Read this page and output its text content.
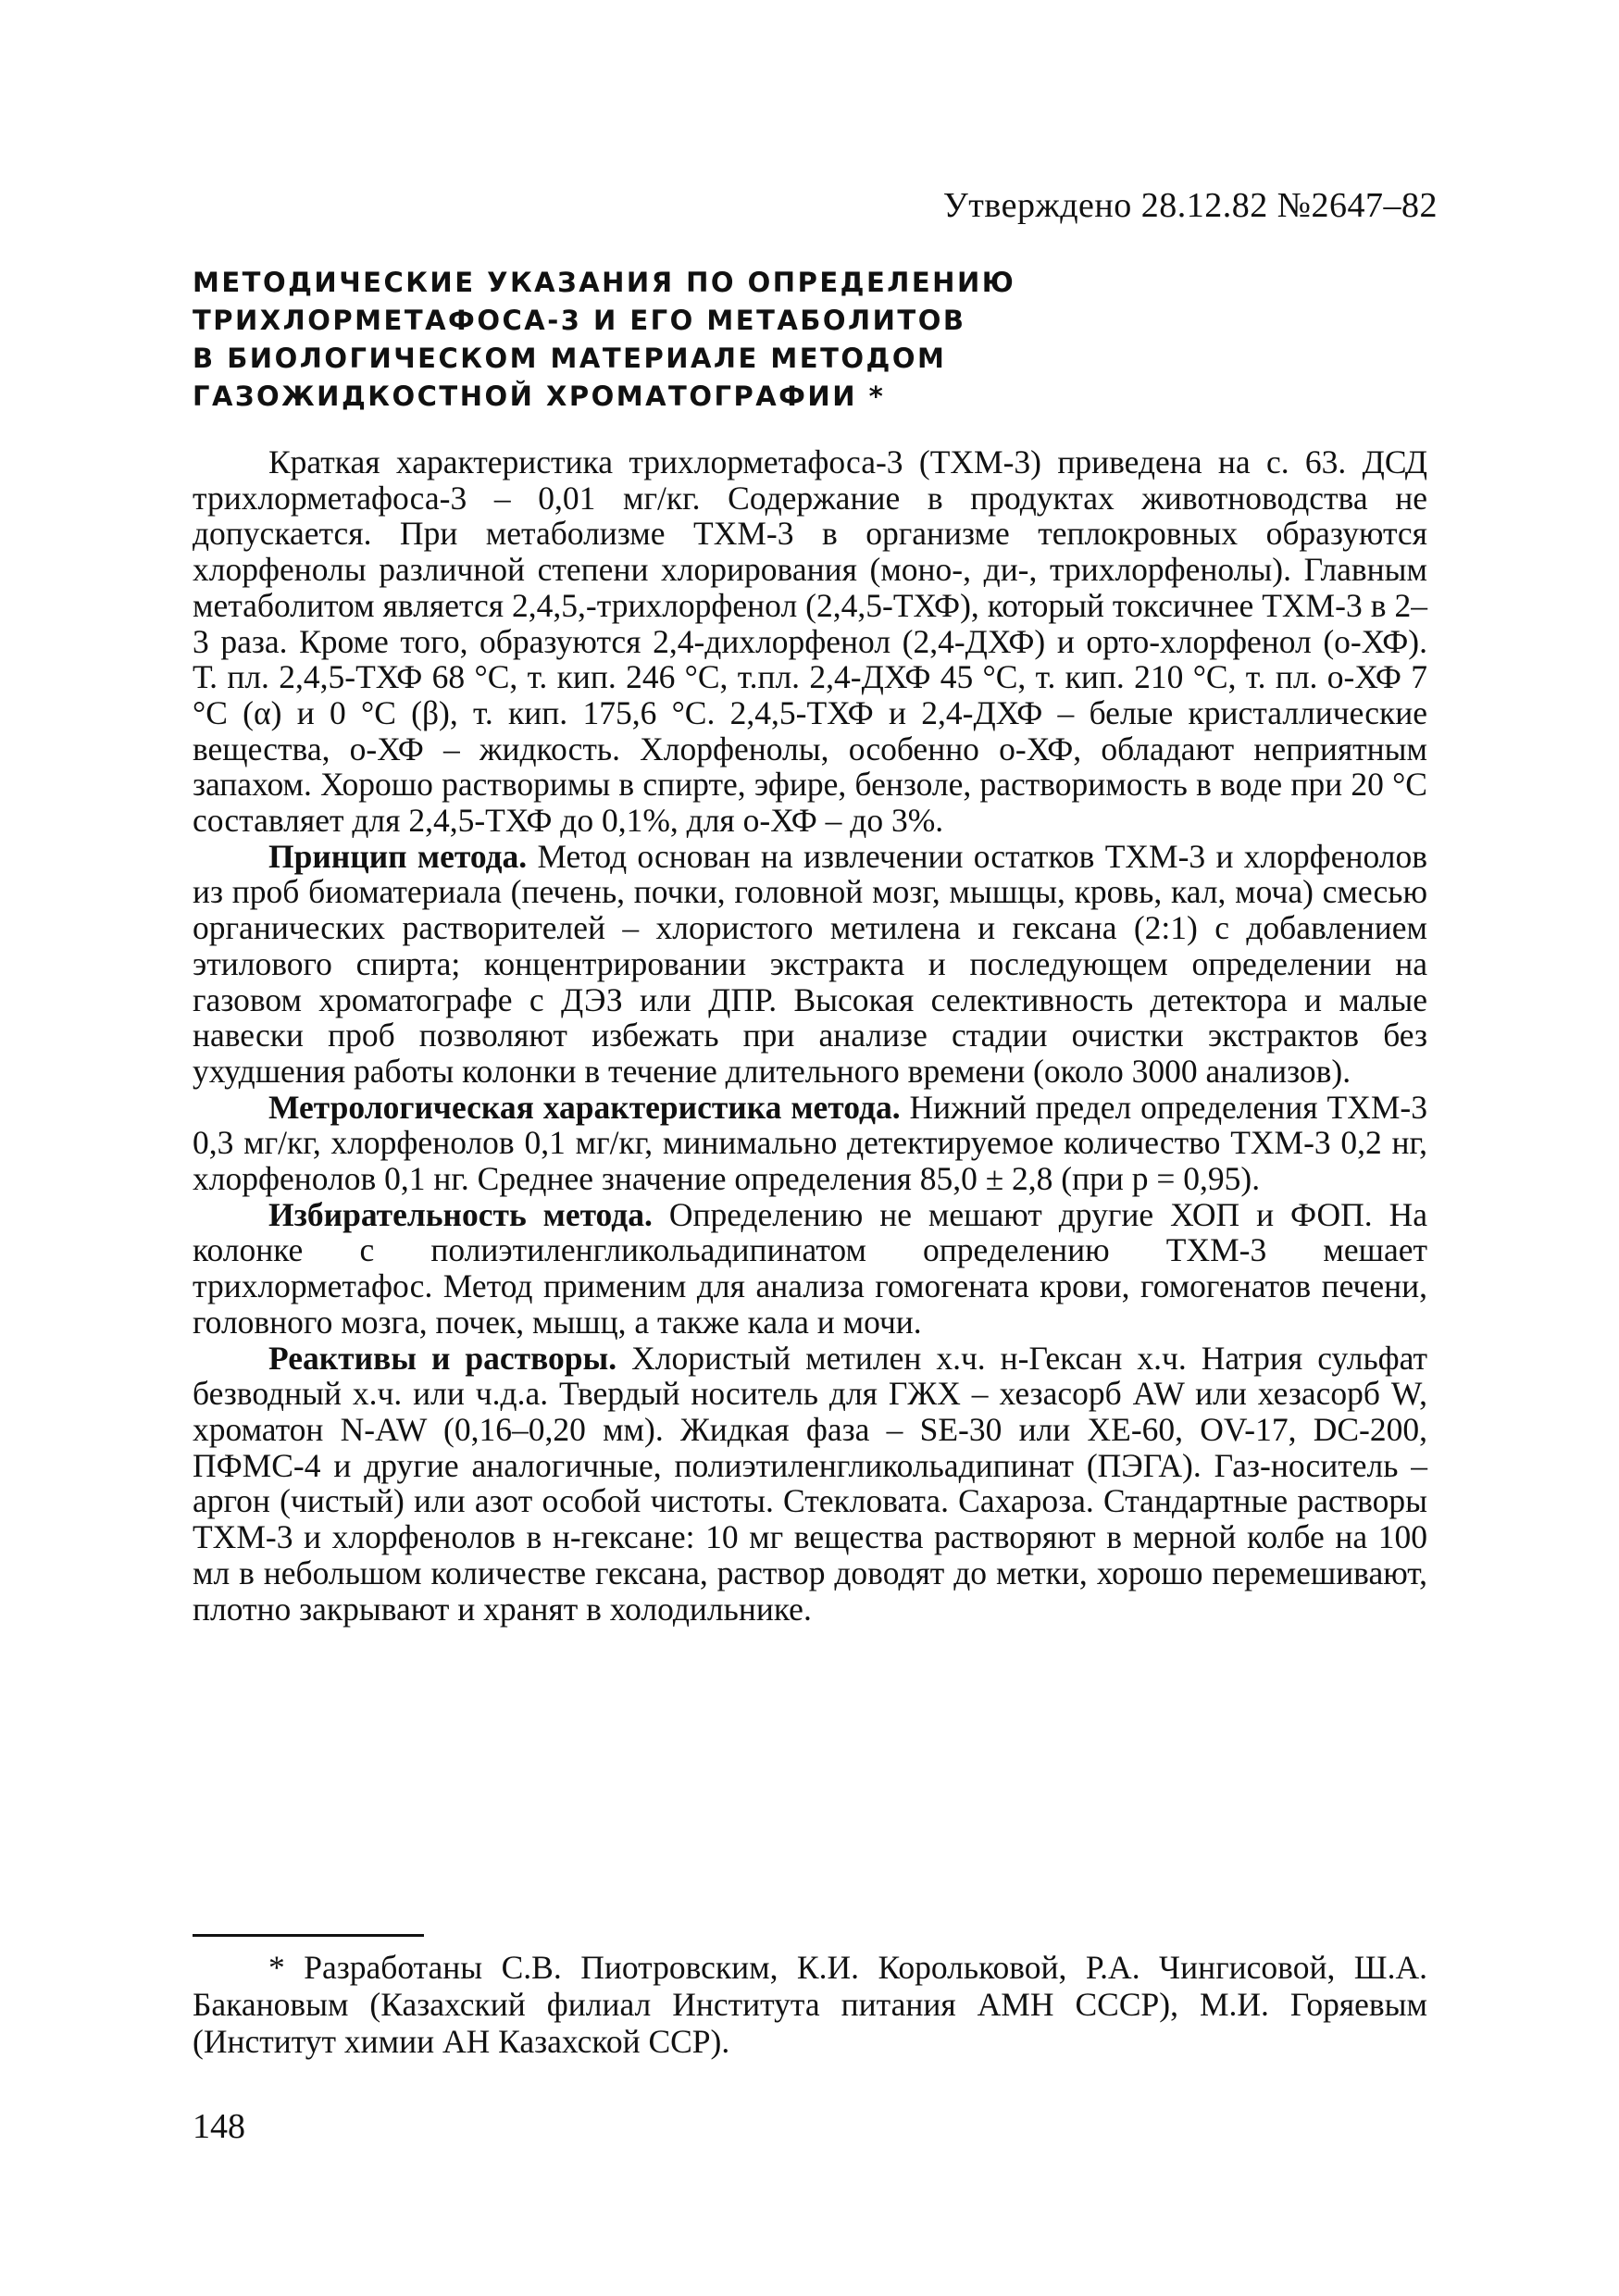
Утверждено 28.12.82 №2647–82
МЕТОДИЧЕСКИЕ УКАЗАНИЯ ПО ОПРЕДЕЛЕНИЮ
ТРИХЛОРМЕТАФОСА-3 И ЕГО МЕТАБОЛИТОВ
В БИОЛОГИЧЕСКОМ МАТЕРИАЛЕ МЕТОДОМ
ГАЗОЖИДКОСТНОЙ ХРОМАТОГРАФИИ *

Краткая характеристика трихлорметафоса-3 (ТХМ-3) приведена на с. 63. ДСД трихлорметафоса-3 – 0,01 мг/кг. Содержание в продуктах животноводства не допускается. При метаболизме ТХМ-3 в организме теплокровных образуются хлорфенолы различной степени хлорирования (моно-, ди-, трихлорфенолы). Главным метаболитом является 2,4,5,-трихлорфенол (2,4,5-ТХФ), который токсичнее ТХМ-3 в 2–3 раза. Кроме того, образуются 2,4-дихлорфенол (2,4-ДХФ) и орто-хлорфенол (о-ХФ). Т. пл. 2,4,5-ТХФ 68 °С, т. кип. 246 °С, т.пл. 2,4-ДХФ 45 °С, т. кип. 210 °С, т. пл. о-ХФ 7 °С (α) и 0 °С (β), т. кип. 175,6 °С. 2,4,5-ТХФ и 2,4-ДХФ – белые кристаллические вещества, о-ХФ – жидкость. Хлорфенолы, особенно о-ХФ, обладают неприятным запахом. Хорошо растворимы в спирте, эфире, бензоле, растворимость в воде при 20 °С составляет для 2,4,5-ТХФ до 0,1%, для о-ХФ – до 3%.

Принцип метода. Метод основан на извлечении остатков ТХМ-3 и хлорфенолов из проб биоматериала (печень, почки, головной мозг, мышцы, кровь, кал, моча) смесью органических растворителей – хлористого метилена и гексана (2:1) с добавлением этилового спирта; концентрировании экстракта и последующем определении на газовом хроматографе с ДЭЗ или ДПР. Высокая селективность детектора и малые навески проб позволяют избежать при анализе стадии очистки экстрактов без ухудшения работы колонки в течение длительного времени (около 3000 анализов).

Метрологическая характеристика метода. Нижний предел определения ТХМ-3 0,3 мг/кг, хлорфенолов 0,1 мг/кг, минимально детектируемое количество ТХМ-3 0,2 нг, хлорфенолов 0,1 нг. Среднее значение определения 85,0 ± 2,8 (при p = 0,95).

Избирательность метода. Определению не мешают другие ХОП и ФОП. На колонке с полиэтиленгликольадипинатом определению ТХМ-3 мешает трихлорметафос. Метод применим для анализа гомогената крови, гомогенатов печени, головного мозга, почек, мышц, а также кала и мочи.

Реактивы и растворы. Хлористый метилен х.ч. н-Гексан х.ч. Натрия сульфат безводный х.ч. или ч.д.а. Твердый носитель для ГЖХ – хезасорб AW или хезасорб W, хроматон N-AW (0,16–0,20 мм). Жидкая фаза – SE-30 или XE-60, OV-17, DC-200, ПФМС-4 и другие аналогичные, полиэтиленгликольадипинат (ПЭГА). Газ-носитель – аргон (чистый) или азот особой чистоты. Стекловата. Сахароза. Стандартные растворы ТХМ-3 и хлорфенолов в н-гексане: 10 мг вещества растворяют в мерной колбе на 100 мл в небольшом количестве гексана, раствор доводят до метки, хорошо перемешивают, плотно закрывают и хранят в холодильнике.

* Разработаны С.В. Пиотровским, К.И. Корольковой, Р.А. Чингисовой, Ш.А. Бакановым (Казахский филиал Института питания АМН СССР), М.И. Горяевым (Институт химии АН Казахской ССР).
148
